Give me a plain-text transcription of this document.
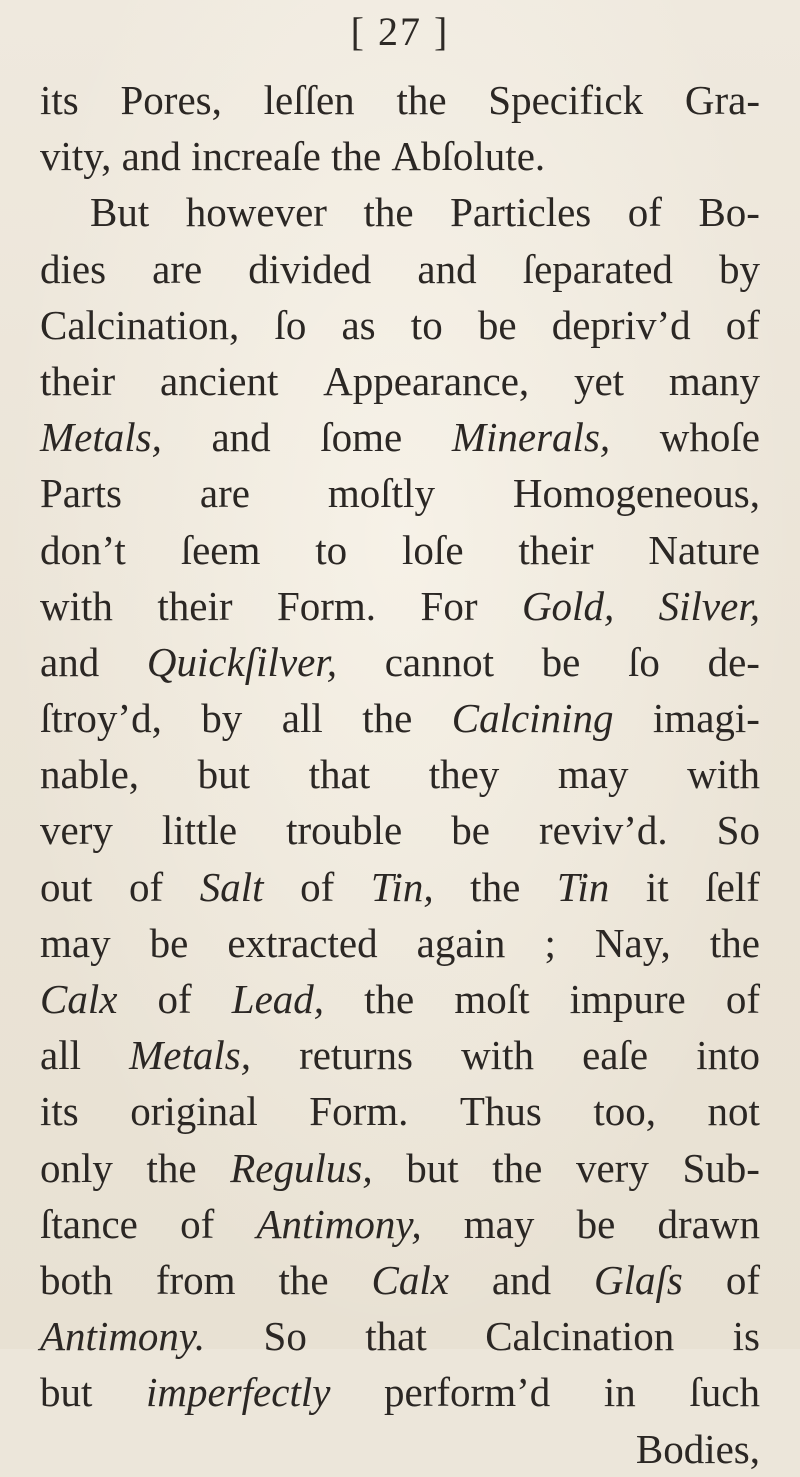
[ 27 ]
its Pores, leſſen the Specifick Gra-
vity,
and
increaſe
the
Abſolute.
But however the Particles of Bo-
dies are divided and ſeparated by
Calcination, ſo as to be depriv’d of
their ancient Appearance, yet many
Metals, and ſome Minerals, whoſe
Parts are moſtly Homogeneous,
don’t ſeem to loſe their Nature
with their Form. For Gold, Silver,
and Quickſilver, cannot be ſo de-
ſtroy’d, by all the Calcining imagi-
nable, but that they may with
very little trouble be reviv’d. So
out of Salt of Tin, the Tin it ſelf
may be extracted again ; Nay, the
Calx of Lead, the moſt impure of
all Metals, returns with eaſe into
its original Form. Thus too, not
only the Regulus, but the very Sub-
ſtance of Antimony, may be drawn
both from the Calx and Glaſs of
Antimony. So that Calcination is
but imperfectly perform’d in ſuch
Bodies,
